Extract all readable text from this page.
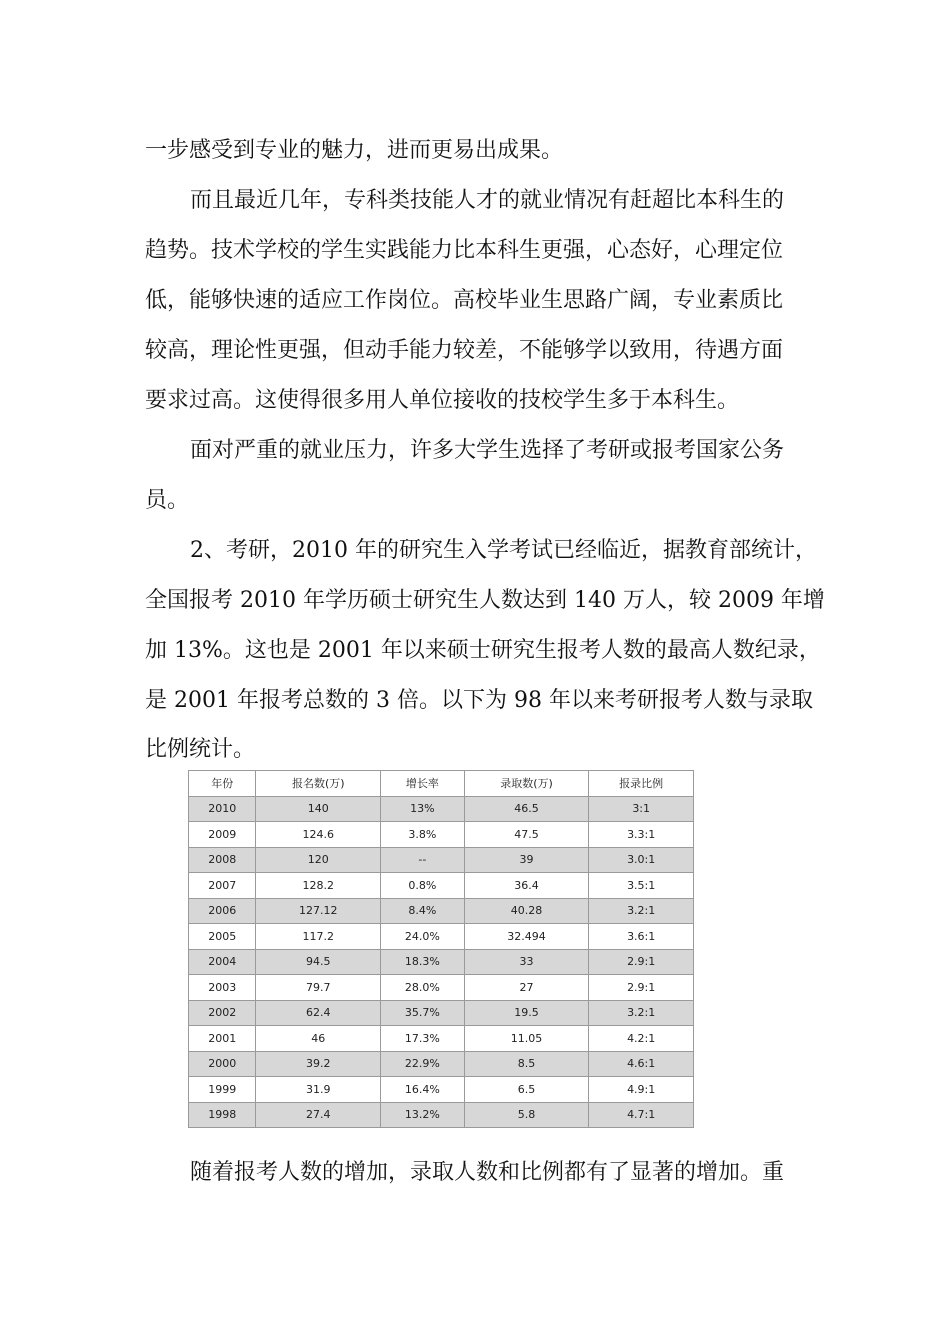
一步感受到专业的魅力，进而更易出成果。
而且最近几年，专科类技能人才的就业情况有赶超比本科生的
趋势。技术学校的学生实践能力比本科生更强，心态好，心理定位
低，能够快速的适应工作岗位。高校毕业生思路广阔，专业素质比
较高，理论性更强，但动手能力较差，不能够学以致用，待遇方面
要求过高。这使得很多用人单位接收的技校学生多于本科生。
面对严重的就业压力，许多大学生选择了考研或报考国家公务
员。
2、考研，2010 年的研究生入学考试已经临近，据教育部统计，
全国报考 2010 年学历硕士研究生人数达到 140 万人，较 2009 年增
加 13%。这也是 2001 年以来硕士研究生报考人数的最高人数纪录，
是 2001 年报考总数的 3 倍。以下为 98 年以来考研报考人数与录取
比例统计。
年份	报名数(万)	增长率	录取数(万)	报录比例
2010	140	13%	46.5	3:1
2009	124.6	3.8%	47.5	3.3:1
2008	120	--	39	3.0:1
2007	128.2	0.8%	36.4	3.5:1
2006	127.12	8.4%	40.28	3.2:1
2005	117.2	24.0%	32.494	3.6:1
2004	94.5	18.3%	33	2.9:1
2003	79.7	28.0%	27	2.9:1
2002	62.4	35.7%	19.5	3.2:1
2001	46	17.3%	11.05	4.2:1
2000	39.2	22.9%	8.5	4.6:1
1999	31.9	16.4%	6.5	4.9:1
1998	27.4	13.2%	5.8	4.7:1
随着报考人数的增加，录取人数和比例都有了显著的增加。重
